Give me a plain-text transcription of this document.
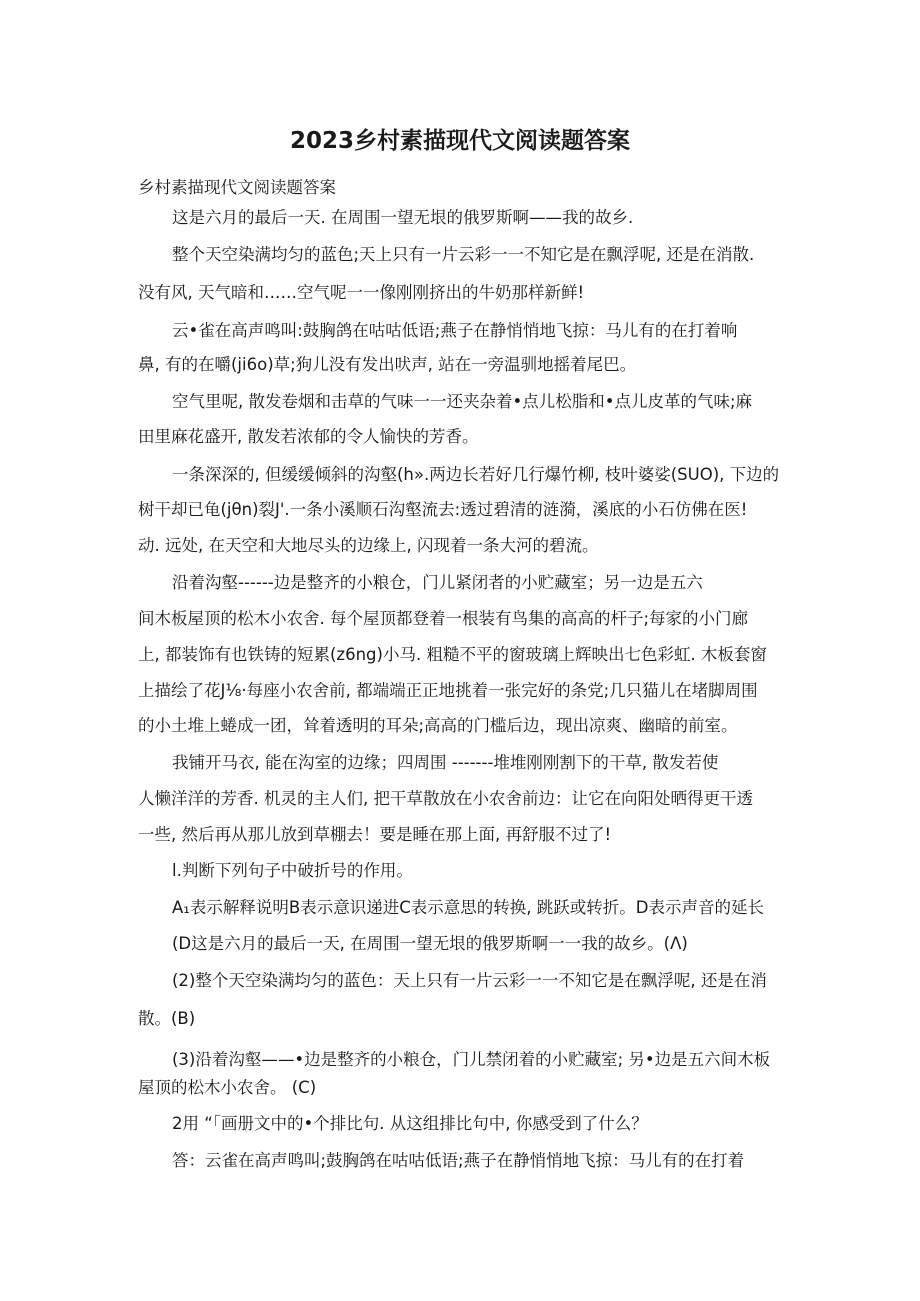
2023乡村素描现代文阅读题答案
乡村素描现代文阅读题答案
这是六月的最后一天. 在周围一望无垠的俄罗斯啊——我的故乡.
整个天空染满均匀的蓝色;天上只有一片云彩一一不知它是在飘浮呢, 还是在消散.
没有风, 天气暗和……空气呢一一像刚刚挤出的牛奶那样新鲜!
云•雀在高声鸣叫:鼓胸鸽在咕咕低语;燕子在静悄悄地飞掠：马儿有的在打着响
鼻, 有的在嚼(ji6o)草;狗儿没有发出吠声, 站在一旁温驯地摇着尾巴。
空气里呢, 散发卷烟和击草的气味一一还夹杂着•点儿松脂和•点儿皮革的气味;麻
田里麻花盛开, 散发若浓郁的令人愉快的芳香。
一条深深的, 但缓缓倾斜的沟壑(h».两边长若好几行爆竹柳, 枝叶婆娑(SUO), 下边的
树干却已龟(jθn)裂J'.一条小溪顺石沟壑流去:透过碧清的涟漪，溪底的小石仿佛在医!
动. 远处, 在天空和大地尽头的边缘上, 闪现着一条大河的碧流。
沿着沟壑------边是整齐的小粮仓，门儿紧闭者的小贮藏室；另一边是五六
间木板屋顶的松木小农舍. 每个屋顶都登着一根装有鸟集的高高的杆子;每家的小门廊
上, 都装饰有也铁铸的短累(z6ng)小马. 粗糙不平的窗玻璃上辉映出七色彩虹. 木板套窗
上描绘了花J⅛·每座小农舍前, 都端端正正地挑着一张完好的条党;几只猫儿在堵脚周围
的小土堆上蜷成一团，耸着透明的耳朵;高高的门槛后边，现出凉爽、幽暗的前室。
我铺开马衣, 能在沟室的边缘；四周围 -------堆堆刚刚割下的干草, 散发若使
人懒洋洋的芳香. 机灵的主人们, 把干草散放在小农舍前边：让它在向阳处晒得更干透
一些, 然后再从那儿放到草棚去！要是睡在那上面, 再舒服不过了!
l.判断下列句子中破折号的作用。
A₁表示解释说明B表示意识递进C表示意思的转换, 跳跃或转折。D表示声音的延长
(D这是六月的最后一天, 在周围一望无垠的俄罗斯啊一一我的故乡。(Λ)
(2)整个天空染满均匀的蓝色：天上只有一片云彩一一不知它是在飘浮呢, 还是在消
散。(B)
(3)沿着沟壑——•边是整齐的小粮仓，门儿禁闭着的小贮藏室; 另•边是五六间木板
屋顶的松木小农舍。 (C)
2用 “「画册文中的•个排比句. 从这组排比句中, 你感受到了什么？
答：云雀在高声鸣叫;鼓胸鸽在咕咕低语;燕子在静悄悄地飞掠：马儿有的在打着
